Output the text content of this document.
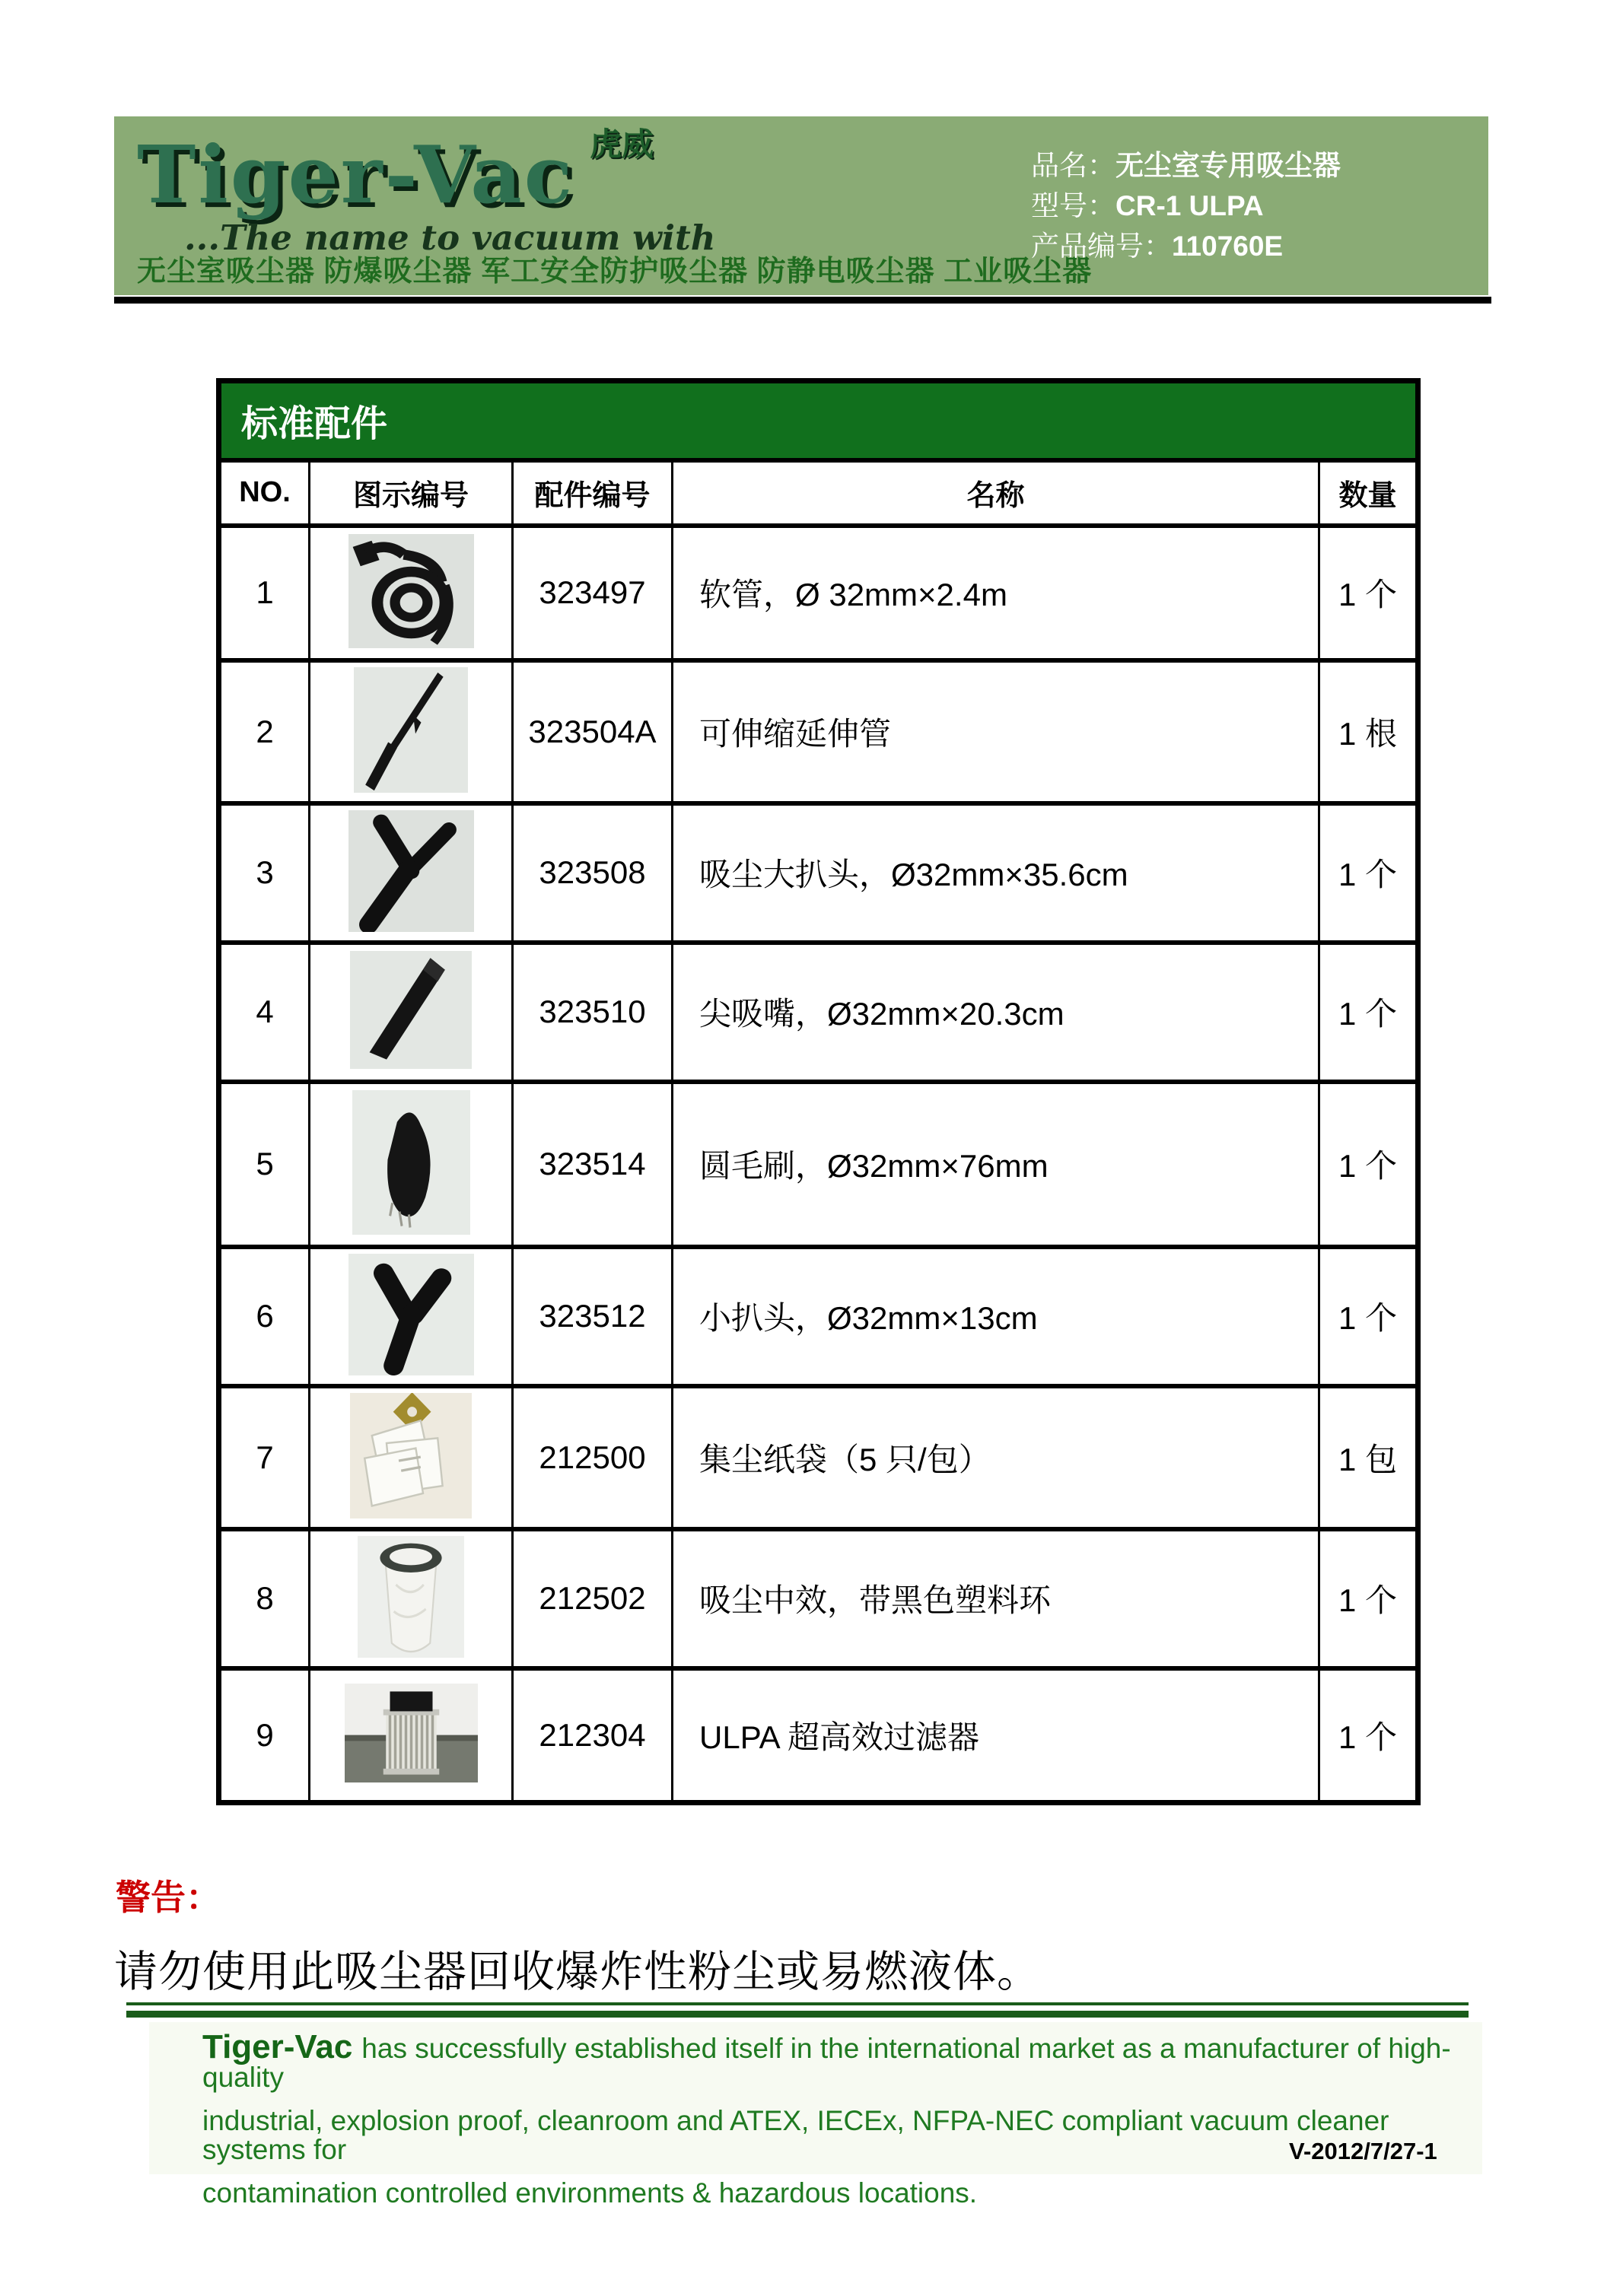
Tiger-Vac 虎威
...The name to vacuum with
无尘室吸尘器 防爆吸尘器 军工安全防护吸尘器 防静电吸尘器 工业吸尘器
品名：无尘室专用吸尘器
型号：CR-1 ULPA
产品编号：110760E
标准配件				
NO.	图示编号	配件编号	名称	数量
1		323497	软管，Ø 32mm×2.4m	1 个
2		323504A	可伸缩延伸管	1 根
3		323508	吸尘大扒头，Ø32mm×35.6cm	1 个
4		323510	尖吸嘴，Ø32mm×20.3cm	1 个
5		323514	圆毛刷，Ø32mm×76mm	1 个
6		323512	小扒头，Ø32mm×13cm	1 个
7		212500	集尘纸袋（5 只/包）	1 包
8		212502	吸尘中效，带黑色塑料环	1 个
9		212304	ULPA 超高效过滤器	1 个
警告：
请勿使用此吸尘器回收爆炸性粉尘或易燃液体。

Tiger-Vac has successfully established itself in the international market as a manufacturer of high-quality

industrial, explosion proof, cleanroom and ATEX, IECEx, NFPA-NEC compliant vacuum cleaner systems for

contamination controlled environments & hazardous locations.

V-2012/7/27-1
